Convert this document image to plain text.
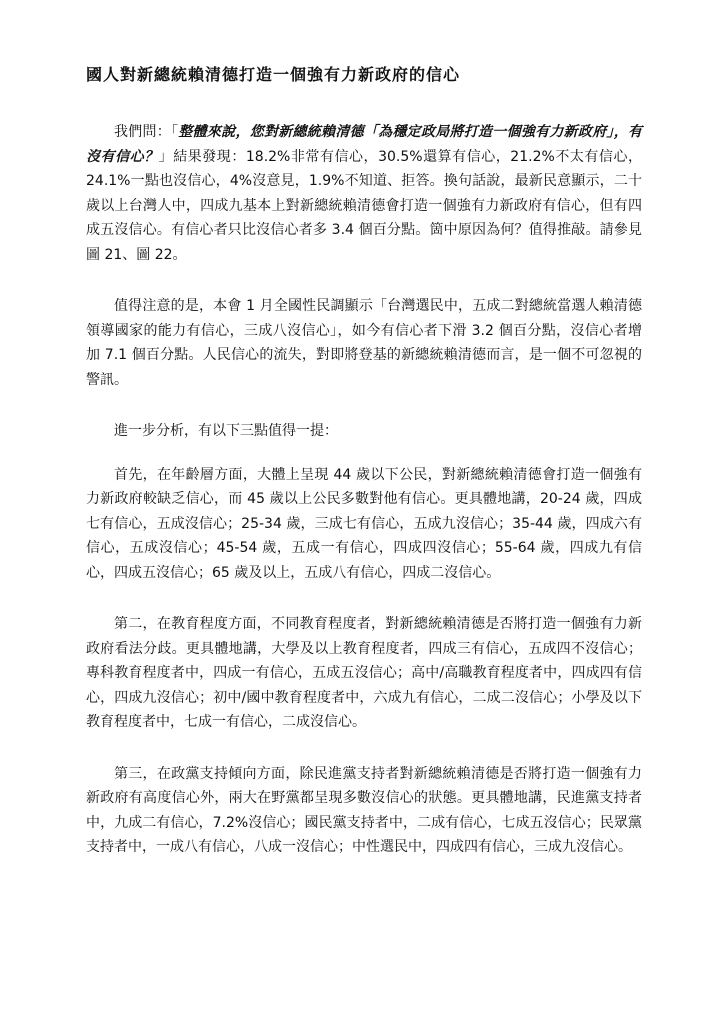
國人對新總統賴清德打造一個強有力新政府的信心

我們問：「整體來說，您對新總統賴清德「為穩定政局將打造一個強有力新政府」，有沒有信心？」結果發現：18.2%非常有信心，30.5%還算有信心，21.2%不太有信心，24.1%一點也沒信心，4%沒意見，1.9%不知道、拒答。換句話說，最新民意顯示，二十歲以上台灣人中，四成九基本上對新總統賴清德會打造一個強有力新政府有信心，但有四成五沒信心。有信心者只比沒信心者多 3.4 個百分點。箇中原因為何？值得推敲。請參見圖 21、圖 22。

值得注意的是，本會 1 月全國性民調顯示「台灣選民中，五成二對總統當選人賴清德領導國家的能力有信心，三成八沒信心」，如今有信心者下滑 3.2 個百分點，沒信心者增加 7.1 個百分點。人民信心的流失，對即將登基的新總統賴清德而言，是一個不可忽視的警訊。

進一步分析，有以下三點值得一提：

首先，在年齡層方面，大體上呈現 44 歲以下公民，對新總統賴清德會打造一個強有力新政府較缺乏信心，而 45 歲以上公民多數對他有信心。更具體地講，20-24 歲，四成七有信心，五成沒信心；25-34 歲，三成七有信心，五成九沒信心；35-44 歲，四成六有信心，五成沒信心；45-54 歲，五成一有信心，四成四沒信心；55-64 歲，四成九有信心，四成五沒信心；65 歲及以上，五成八有信心，四成二沒信心。

第二，在教育程度方面，不同教育程度者，對新總統賴清德是否將打造一個強有力新政府看法分歧。更具體地講，大學及以上教育程度者，四成三有信心，五成四不沒信心；專科教育程度者中，四成一有信心，五成五沒信心；高中/高職教育程度者中，四成四有信心，四成九沒信心；初中/國中教育程度者中，六成九有信心，二成二沒信心；小學及以下教育程度者中，七成一有信心，二成沒信心。

第三，在政黨支持傾向方面，除民進黨支持者對新總統賴清德是否將打造一個強有力新政府有高度信心外，兩大在野黨都呈現多數沒信心的狀態。更具體地講，民進黨支持者中，九成二有信心，7.2%沒信心；國民黨支持者中，二成有信心，七成五沒信心；民眾黨支持者中，一成八有信心，八成一沒信心；中性選民中，四成四有信心，三成九沒信心。
